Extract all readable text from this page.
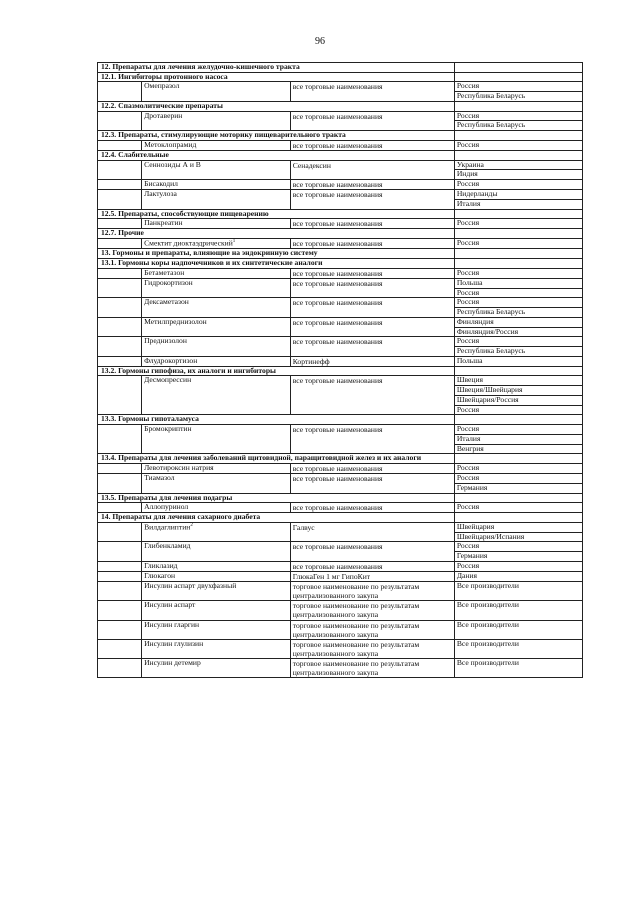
96
12. Препараты для лечения желудочно-кишечного тракта			
12.1. Ингибиторы протонного насоса			
	Омепразол	все торговые наименования	Россия
			Республика Беларусь
12.2. Спазмолитические препараты			
	Дротаверин	все торговые наименования	Россия
			Республика Беларусь
12.3. Препараты, стимулирующие моторику пищеварительного тракта			
	Метоклопрамид	все торговые наименования	Россия
12.4. Слабительные			
	Сеннозиды А и В	Сенадексин	Украина
			Индия
	Бисакодил	все торговые наименования	Россия
	Лактулоза	все торговые наименования	Нидерланды
			Италия
12.5. Препараты, способствующие пищеварению			
	Панкреатин	все торговые наименования	Россия
12.7. Прочие			
	Смектит диоктаэдрический$^1$	все торговые наименования	Россия
13. Гормоны и препараты, влияющие на эндокринную систему			
13.1. Гормоны коры надпочечников и их синтетические аналоги			
	Бетаметазон	все торговые наименования	Россия
	Гидрокортизон	все торговые наименования	Польша
			Россия
	Дексаметазон	все торговые наименования	Россия
			Республика Беларусь
	Метилпреднизолон	все торговые наименования	Финляндия
			Финляндия/Россия
	Преднизолон	все торговые наименования	Россия
			Республика Беларусь
	Флудрокортизон	Кортинефф	Польша
13.2. Гормоны гипофиза, их аналоги и ингибиторы			
	Десмопрессин	все торговые наименования	Швеция
			Швеция/Швейцария
			Швейцария/Россия
			Россия
13.3. Гормоны гипоталамуса			
	Бромокриптин	все торговые наименования	Россия
			Италия
			Венгрия
13.4. Препараты для лечения заболеваний щитовидной, паращитовидной желез и их аналоги			
	Левотироксин натрия	все торговые наименования	Россия
	Тиамазол	все торговые наименования	Россия
			Германия
13.5. Препараты для лечения подагры			
	Аллопуринол	все торговые наименования	Россия
14. Препараты для лечения сахарного диабета			
	Вилдаглиптин$^2$	Галвус	Швейцария
			Швейцария/Испания
	Глибенкламид	все торговые наименования	Россия
			Германия
	Гликлазид	все торговые наименования	Россия
	Глюкагон	ГлюкаГен 1 мг ГипоКит	Дания
	Инсулин аспарт двухфазный	торговое наименование по результатам централизованного закупа	Все производители
	Инсулин аспарт	торговое наименование по результатам централизованного закупа	Все производители
	Инсулин гларгин	торговое наименование по результатам централизованного закупа	Все производители
	Инсулин глулизин	торговое наименование по результатам централизованного закупа	Все производители
	Инсулин детемир	торговое наименование по результатам централизованного закупа	Все производители
